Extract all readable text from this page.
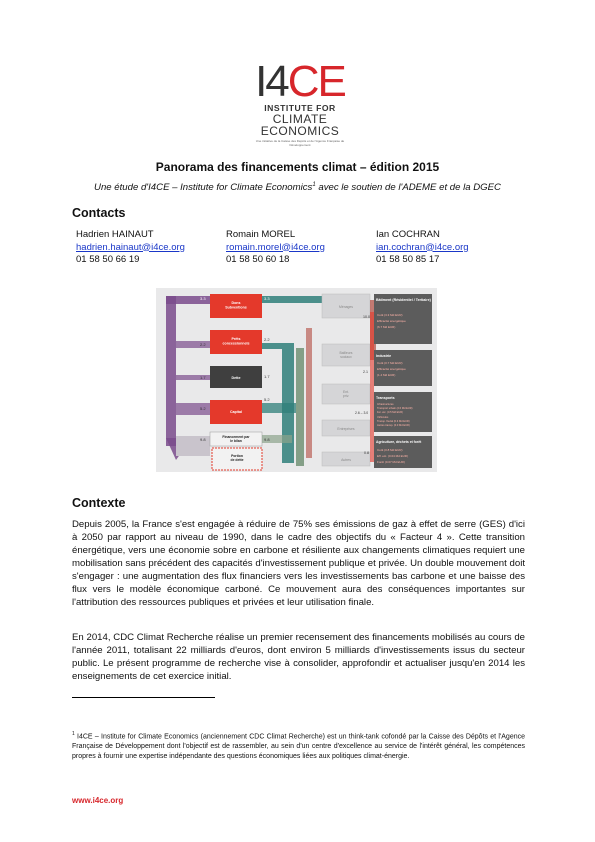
I4CE
INSTITUTE FOR
CLIMATE
ECONOMICS
Une initiative de la Caisse des Dépôts et de l'Agence Française de Développement
Panorama des financements climat – édition 2015
Une étude d'I4CE – Institute for Climate Economics$^1$ avec le soutien de l'ADEME et de la DGEC
Contacts
Hadrien HAINAUT
hadrien.hainaut@i4ce.org
01 58 50 66 19
Romain MOREL
romain.morel@i4ce.org
01 58 50 60 18
Ian COCHRAN
ian.cochran@i4ce.org
01 58 50 85 17
3.3
2.2
1.7
5.2
9.8
3.3
2.2
1.7
5.2
9.8
Dons Subventions
Prêts concessionnels
Dette
Capital
Financement par le bilan
Portion de dette
Ménages
Bailleurs sociaux
Ent. priv.
Entreprises
Autres
10.0
2.1
2.6 – 3.0
0.8
Bâtiment (Résidentiel / Tertiaire)
Coût (3.3 Md EUR)
Efficacité énergétique
(6.7 Md EUR)
Industrie
Coût (0.7 Md EUR)
Efficacité énergétique
(1.4 Md EUR)
Transports
Infrastructures
Transport urbain (2.6 Md EUR)
Fer. etc. (0.5 Md EUR)
Véhicules
Transp. fluvial (0.3 Md EUR)
Autres transp. (0.3 Md EUR)
Agriculture, déchets et forêt
Coût (0.8 Md EUR)
Eff. etc. (0.04 Md EUR)
Forêt (0.07 Md EUR)
Contexte

Depuis 2005, la France s'est engagée à réduire de 75% ses émissions de gaz à effet de serre (GES) d'ici à 2050 par rapport au niveau de 1990, dans le cadre des objectifs du « Facteur 4 ». Cette transition énergétique, vers une économie sobre en carbone et résiliente aux changements climatiques requiert une mobilisation sans précédent des capacités d'investissement publique et privée. Un double mouvement doit s'engager : une augmentation des flux financiers vers les investissements bas carbone et une baisse des flux vers le modèle économique carboné. Ce mouvement aura des conséquences importantes sur l'attribution des ressources publiques et privées et leur utilisation finale.

En 2014, CDC Climat Recherche réalise un premier recensement des financements mobilisés au cours de l'année 2011, totalisant 22 milliards d'euros, dont environ 5 milliards d'investissements issus du secteur public. Le présent programme de recherche vise à consolider, approfondir et actualiser jusqu'en 2014 les enseignements de cet exercice initial.

$^1$ I4CE – Institute for Climate Economics (anciennement CDC Climat Recherche) est un think-tank cofondé par la Caisse des Dépôts et l'Agence Française de Développement dont l'objectif est de rassembler, au sein d'un centre d'excellence au service de l'intérêt général, les compétences propres à fournir une expertise indépendante des questions économiques liées aux politiques climat-énergie.

www.i4ce.org
